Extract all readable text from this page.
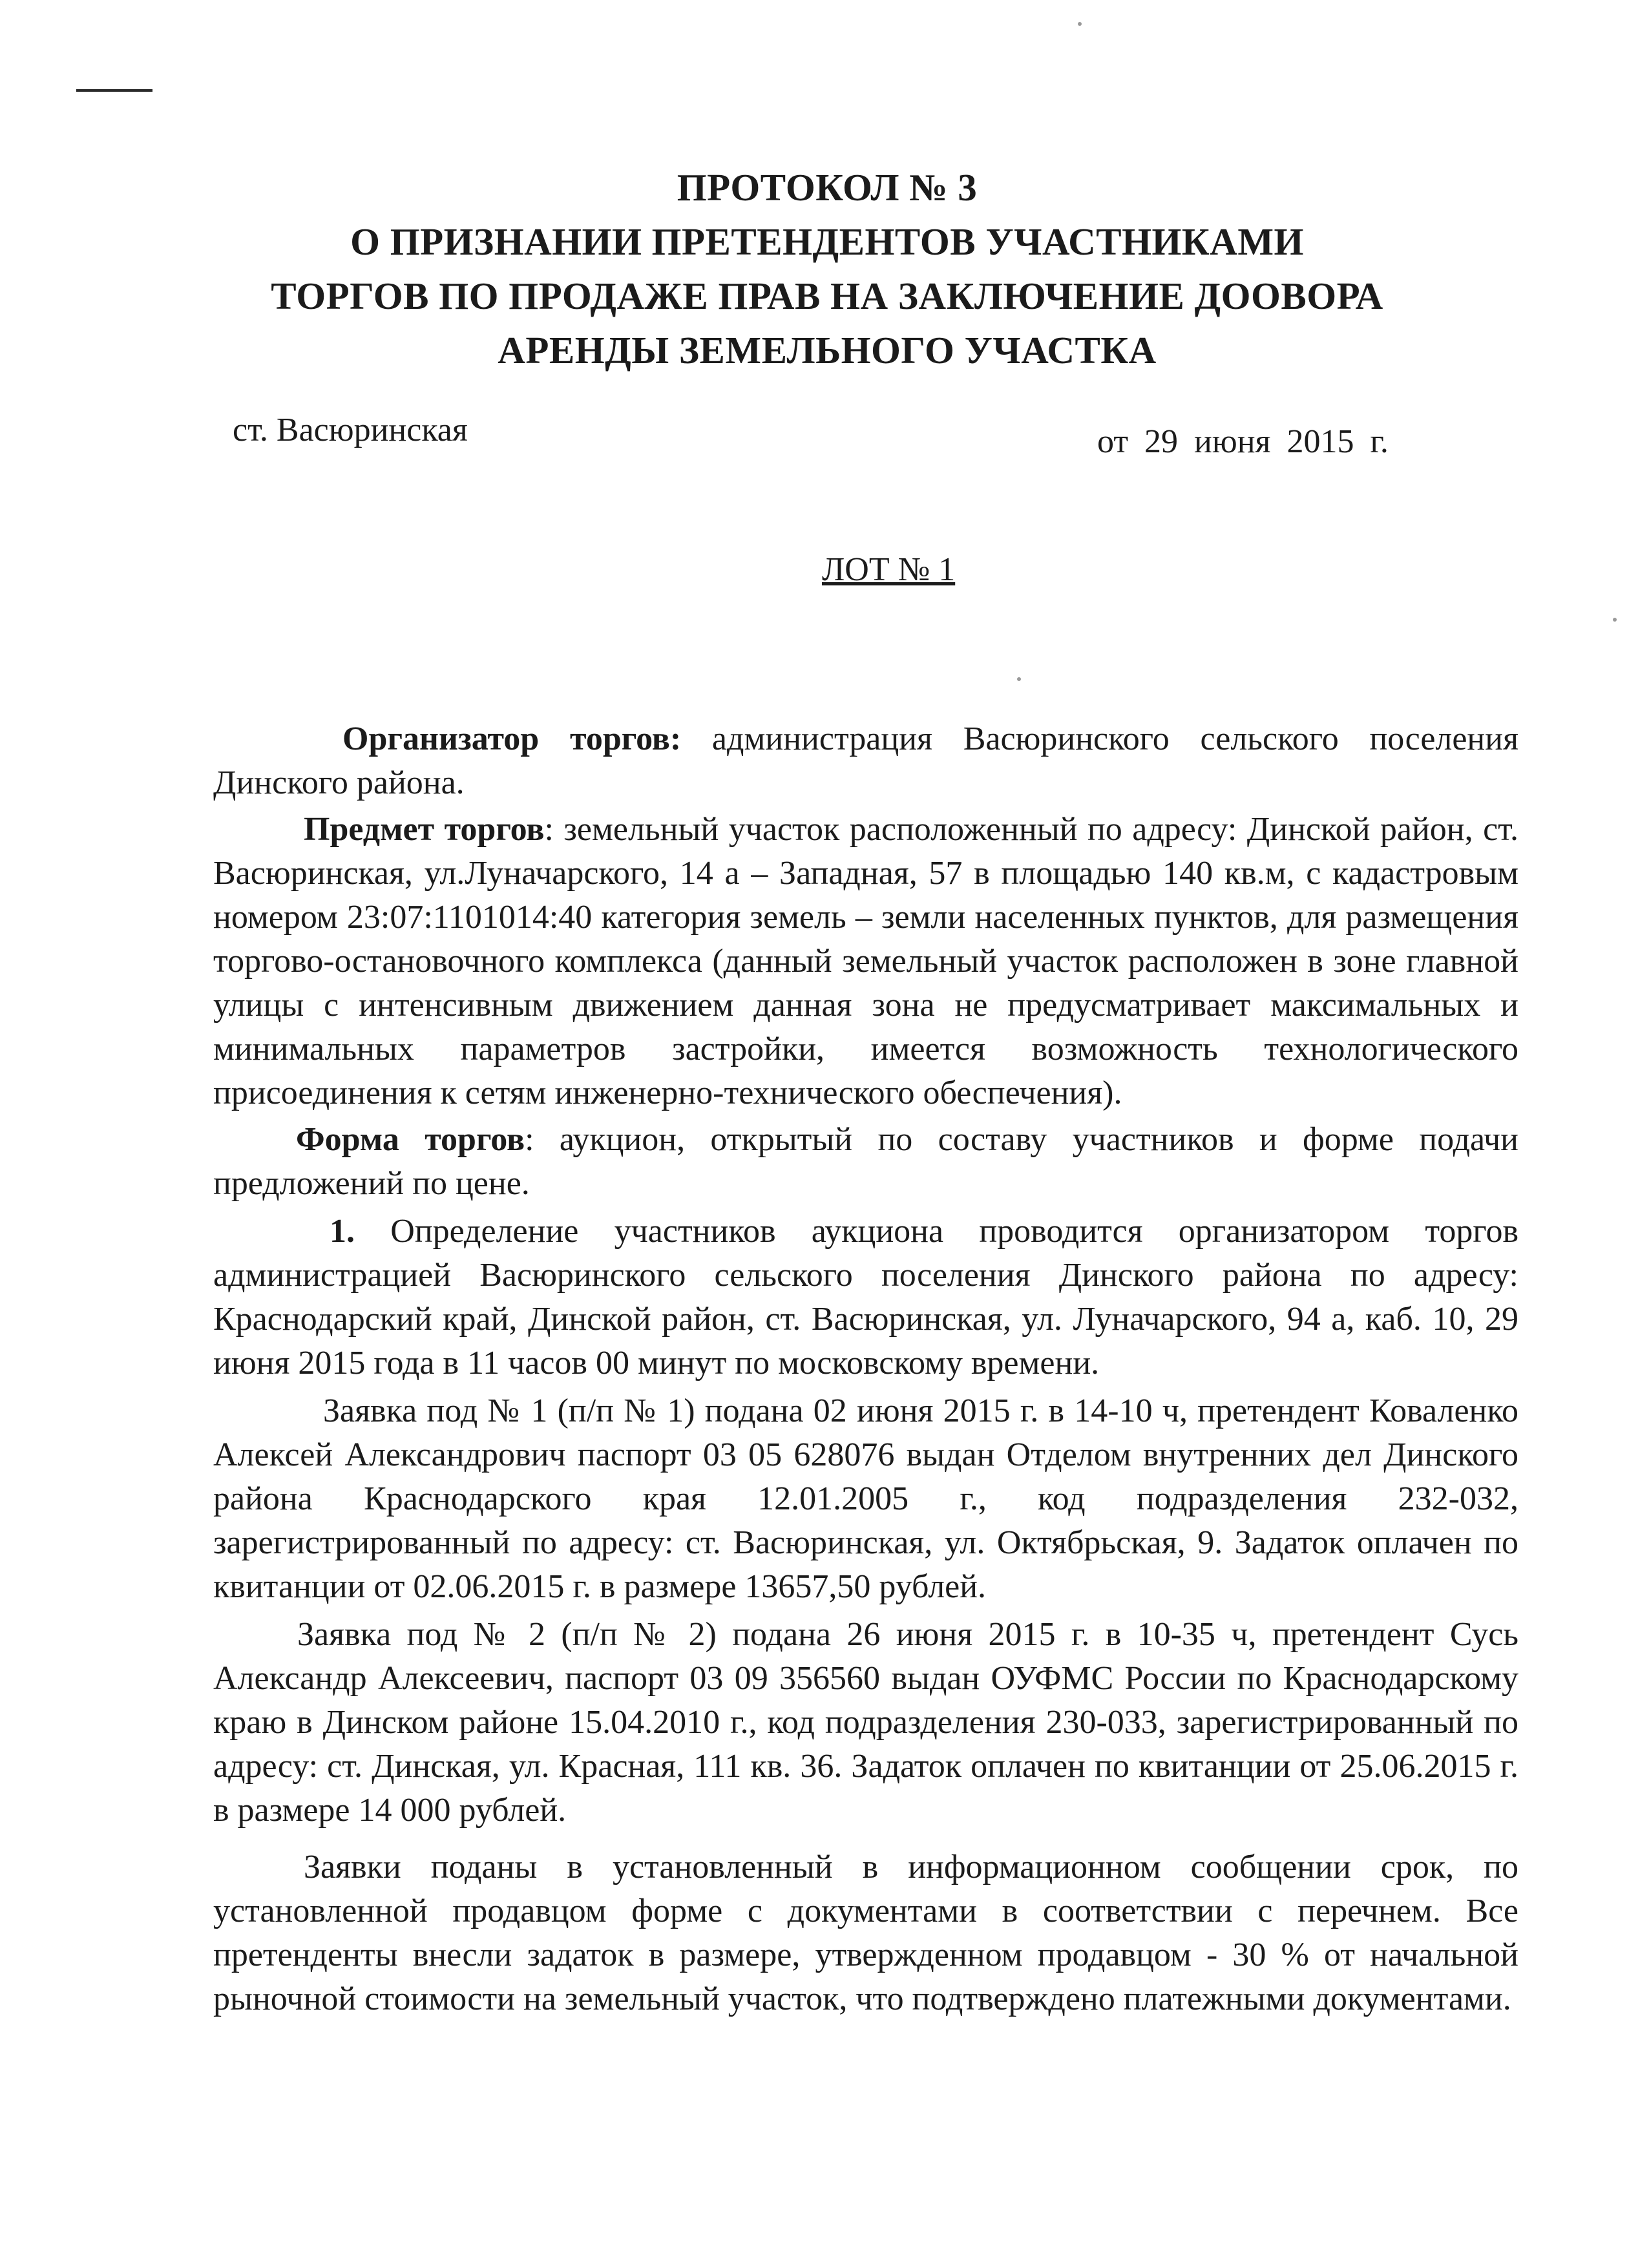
ПРОТОКОЛ № 3
О ПРИЗНАНИИ ПРЕТЕНДЕНТОВ УЧАСТНИКАМИ
ТОРГОВ ПО ПРОДАЖЕ ПРАВ НА ЗАКЛЮЧЕНИЕ ДООВОРА
АРЕНДЫ ЗЕМЕЛЬНОГО УЧАСТКА
ст. Васюринская	от 29 июня 2015 г.
ЛОТ № 1

Организатор торгов: администрация Васюринского сельского поселения Динского района.

Предмет торгов: земельный участок расположенный по адресу: Динской район, ст. Васюринская, ул.Луначарского, 14 а – Западная, 57 в площадью 140 кв.м, с кадастровым номером 23:07:1101014:40 категория земель – земли населенных пунктов, для размещения торгово-остановочного комплекса (данный земельный участок расположен в зоне главной улицы с интенсивным движением данная зона не предусматривает максимальных и минимальных параметров застройки, имеется возможность технологического присоединения к сетям инженерно-технического обеспечения).

Форма торгов: аукцион, открытый по составу участников и форме подачи предложений по цене.

1. Определение участников аукциона проводится организатором торгов администрацией Васюринского сельского поселения Динского района по адресу: Краснодарский край, Динской район, ст. Васюринская, ул. Луначарского, 94 а, каб. 10, 29 июня 2015 года в 11 часов 00 минут по московскому времени.

Заявка под № 1 (п/п № 1) подана 02 июня 2015 г. в 14-10 ч, претендент Коваленко Алексей Александрович паспорт 03 05 628076 выдан Отделом внутренних дел Динского района Краснодарского края 12.01.2005 г., код подразделения 232-032, зарегистрированный по адресу: ст. Васюринская, ул. Октябрьская, 9. Задаток оплачен по квитанции от 02.06.2015 г. в размере 13657,50 рублей.

Заявка под № 2 (п/п № 2) подана 26 июня 2015 г. в 10-35 ч, претендент Сусь Александр Алексеевич, паспорт 03 09 356560 выдан ОУФМС России по Краснодарскому краю в Динском районе 15.04.2010 г., код подразделения 230-033, зарегистрированный по адресу: ст. Динская, ул. Красная, 111 кв. 36. Задаток оплачен по квитанции от 25.06.2015 г. в размере 14 000 рублей.

Заявки поданы в установленный в информационном сообщении срок, по установленной продавцом форме с документами в соответствии с перечнем. Все претенденты внесли задаток в размере, утвержденном продавцом - 30 % от начальной рыночной стоимости на земельный участок, что подтверждено платежными документами.
